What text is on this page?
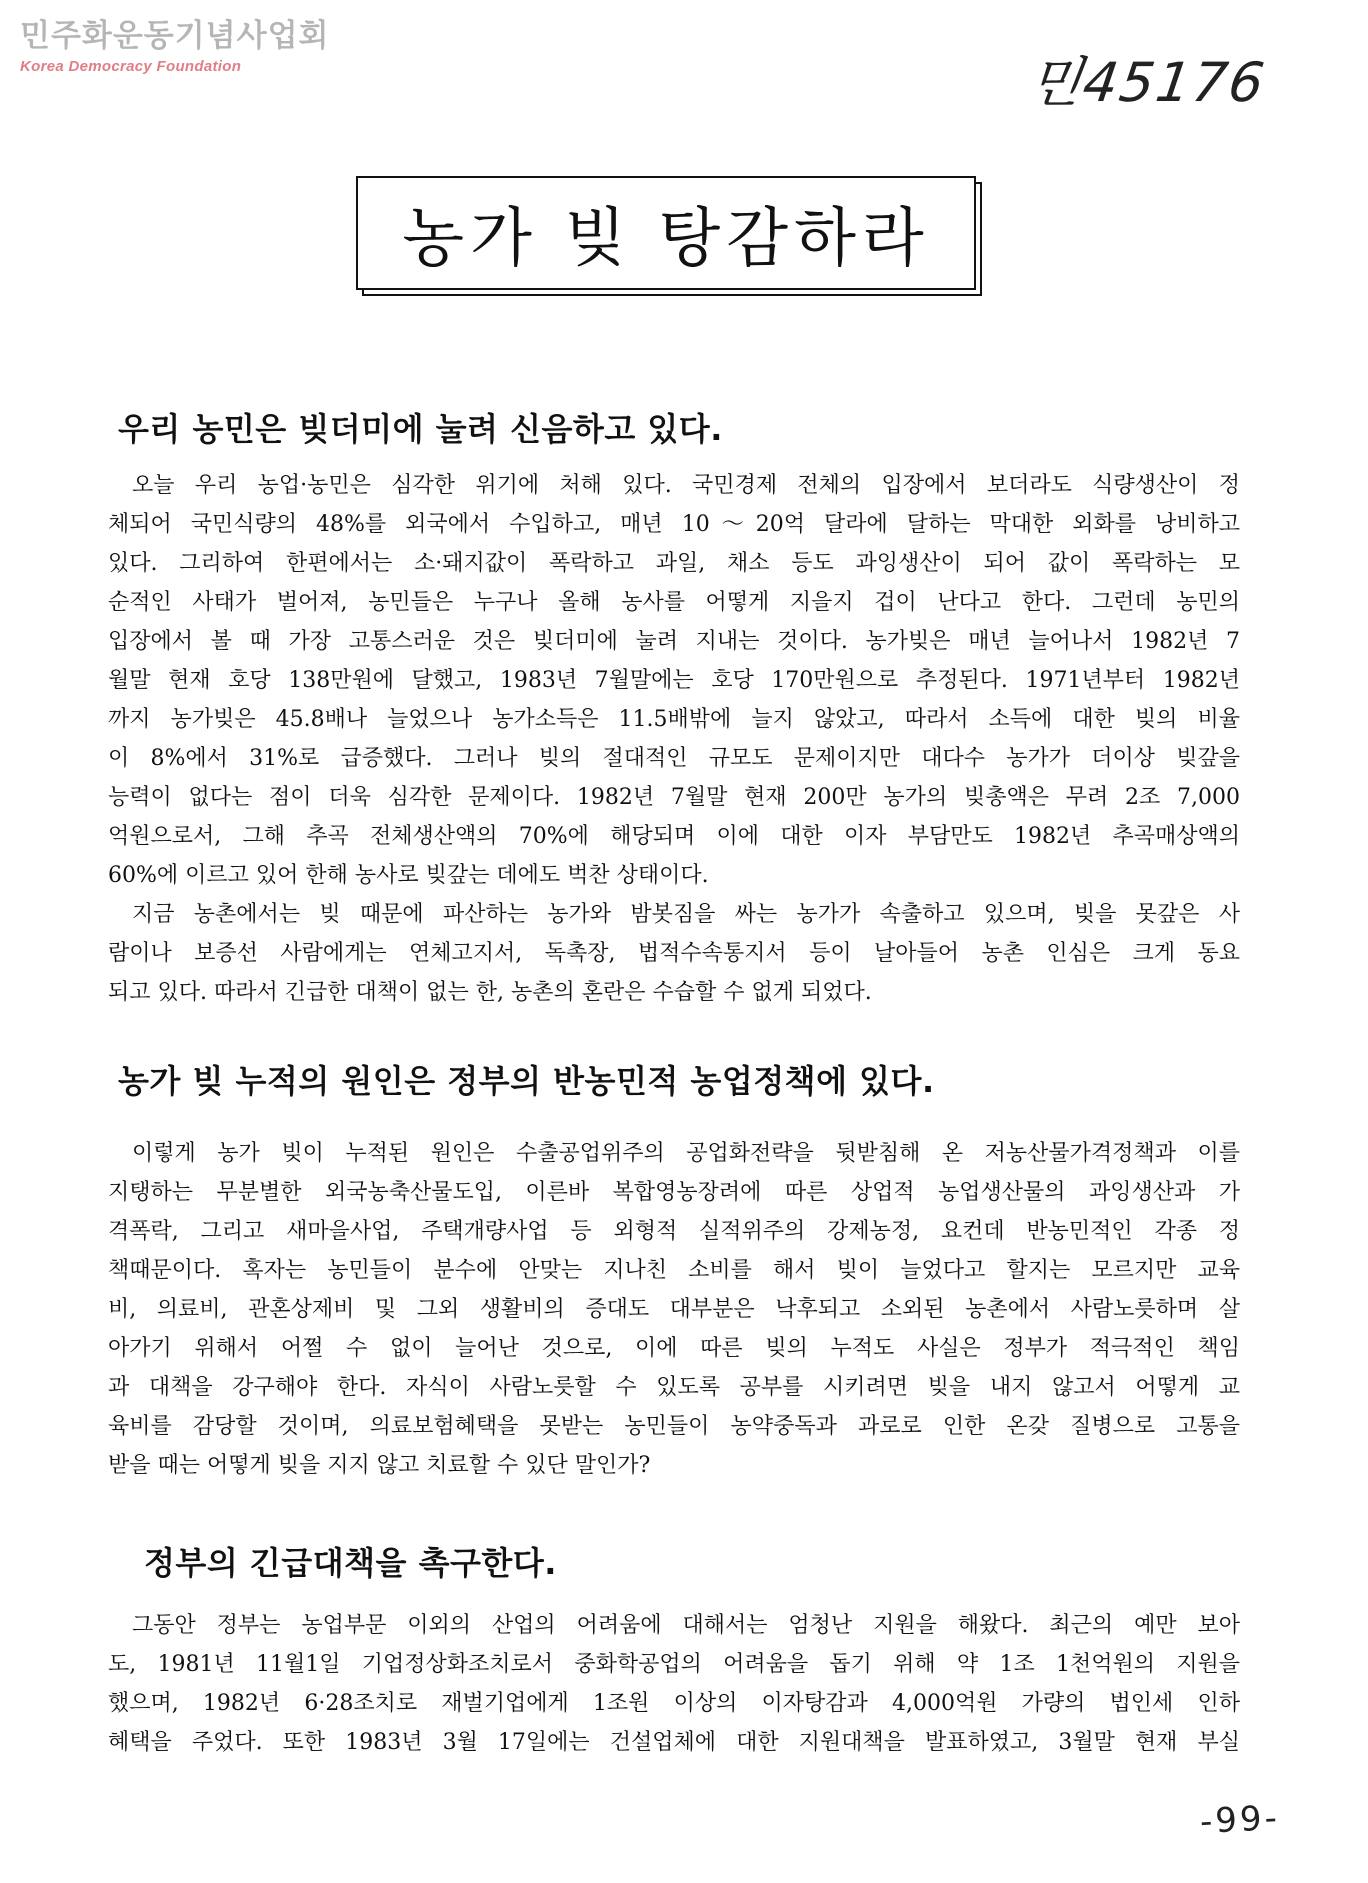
민주화운동기념사업회
Korea Democracy Foundation	민45176
농가 빚 탕감하라
우리 농민은 빚더미에 눌려 신음하고 있다.
오늘 우리 농업·농민은 심각한 위기에 처해 있다. 국민경제 전체의 입장에서 보더라도 식량생산이 정
체되어 국민식량의 48%를 외국에서 수입하고, 매년 10～20억 달라에 달하는 막대한 외화를 낭비하고
있다. 그리하여 한편에서는 소·돼지값이 폭락하고 과일, 채소 등도 과잉생산이 되어 값이 폭락하는 모
순적인 사태가 벌어져, 농민들은 누구나 올해 농사를 어떻게 지을지 겁이 난다고 한다. 그런데 농민의
입장에서 볼 때 가장 고통스러운 것은 빚더미에 눌려 지내는 것이다. 농가빚은 매년 늘어나서 1982년 7
월말 현재 호당 138만원에 달했고, 1983년 7월말에는 호당 170만원으로 추정된다. 1971년부터 1982년
까지 농가빚은 45.8배나 늘었으나 농가소득은 11.5배밖에 늘지 않았고, 따라서 소득에 대한 빚의 비율
이 8%에서 31%로 급증했다. 그러나 빚의 절대적인 규모도 문제이지만 대다수 농가가 더이상 빚갚을
능력이 없다는 점이 더욱 심각한 문제이다. 1982년 7월말 현재 200만 농가의 빚총액은 무려 2조 7,000
억원으로서, 그해 추곡 전체생산액의 70%에 해당되며 이에 대한 이자 부담만도 1982년 추곡매상액의
60%에 이르고 있어 한해 농사로 빚갚는 데에도 벅찬 상태이다.
지금 농촌에서는 빚 때문에 파산하는 농가와 밤봇짐을 싸는 농가가 속출하고 있으며, 빚을 못갚은 사
람이나 보증선 사람에게는 연체고지서, 독촉장, 법적수속통지서 등이 날아들어 농촌 인심은 크게 동요
되고 있다. 따라서 긴급한 대책이 없는 한, 농촌의 혼란은 수습할 수 없게 되었다.
농가 빚 누적의 원인은 정부의 반농민적 농업정책에 있다.
이렇게 농가 빚이 누적된 원인은 수출공업위주의 공업화전략을 뒷받침해 온 저농산물가격정책과 이를
지탱하는 무분별한 외국농축산물도입, 이른바 복합영농장려에 따른 상업적 농업생산물의 과잉생산과 가
격폭락, 그리고 새마을사업, 주택개량사업 등 외형적 실적위주의 강제농정, 요컨데 반농민적인 각종 정
책때문이다. 혹자는 농민들이 분수에 안맞는 지나친 소비를 해서 빚이 늘었다고 할지는 모르지만 교육
비, 의료비, 관혼상제비 및 그외 생활비의 증대도 대부분은 낙후되고 소외된 농촌에서 사람노릇하며 살
아가기 위해서 어쩔 수 없이 늘어난 것으로, 이에 따른 빚의 누적도 사실은 정부가 적극적인 책임
과 대책을 강구해야 한다. 자식이 사람노릇할 수 있도록 공부를 시키려면 빚을 내지 않고서 어떻게 교
육비를 감당할 것이며, 의료보험혜택을 못받는 농민들이 농약중독과 과로로 인한 온갖 질병으로 고통을
받을 때는 어떻게 빚을 지지 않고 치료할 수 있단 말인가?
정부의 긴급대책을 촉구한다.
그동안 정부는 농업부문 이외의 산업의 어려움에 대해서는 엄청난 지원을 해왔다. 최근의 예만 보아
도, 1981년 11월1일 기업정상화조치로서 중화학공업의 어려움을 돕기 위해 약 1조 1천억원의 지원을
했으며, 1982년 6·28조치로 재벌기업에게 1조원 이상의 이자탕감과 4,000억원 가량의 법인세 인하
혜택을 주었다. 또한 1983년 3월 17일에는 건설업체에 대한 지원대책을 발표하였고, 3월말 현재 부실
-99-
